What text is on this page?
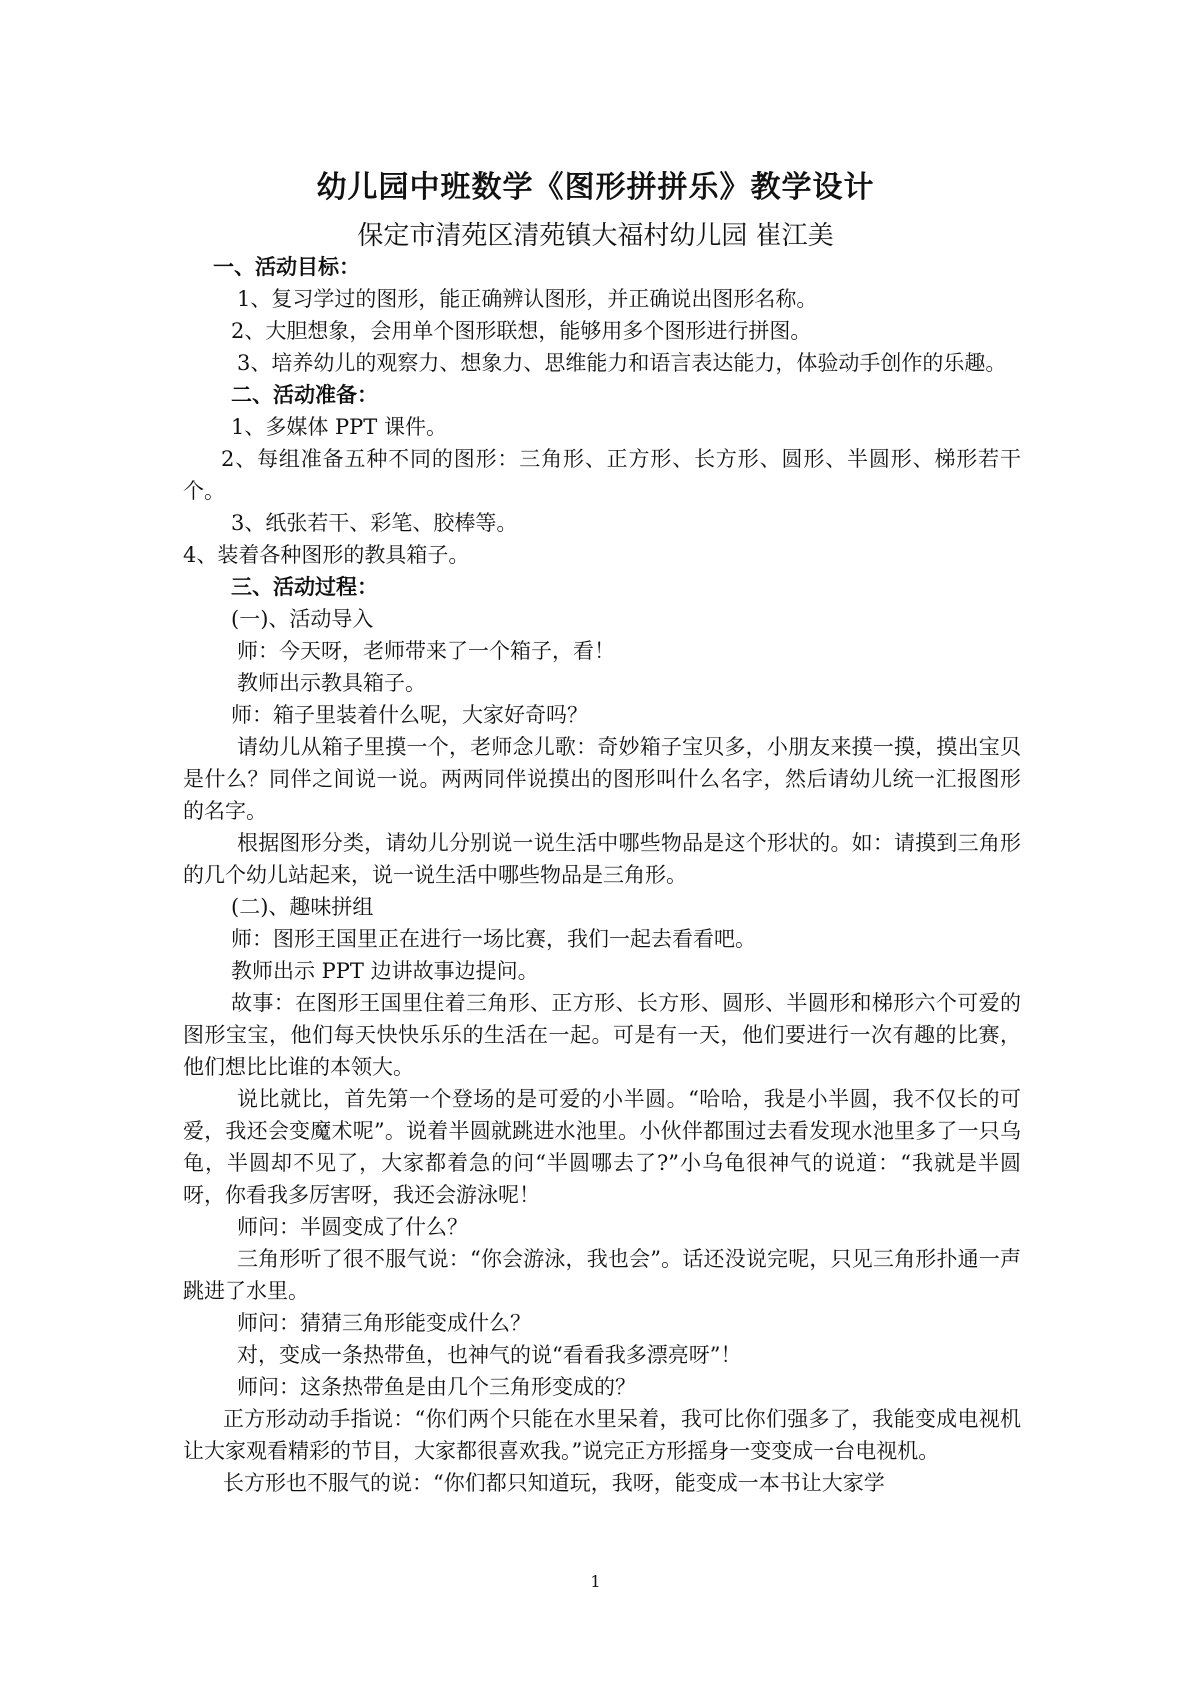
幼儿园中班数学《图形拼拼乐》教学设计
保定市清苑区清苑镇大福村幼儿园 崔江美

一、活动目标：

1、复习学过的图形，能正确辨认图形，并正确说出图形名称。

2、大胆想象，会用单个图形联想，能够用多个图形进行拼图。

3、培养幼儿的观察力、想象力、思维能力和语言表达能力，体验动手创作的乐趣。

二、活动准备：

1、多媒体 PPT 课件。

2、每组准备五种不同的图形：三角形、正方形、长方形、圆形、半圆形、梯形若干个。

3、纸张若干、彩笔、胶棒等。

4、装着各种图形的教具箱子。

三、活动过程：

(一)、活动导入

师：今天呀，老师带来了一个箱子，看！

教师出示教具箱子。

师：箱子里装着什么呢，大家好奇吗？

请幼儿从箱子里摸一个，老师念儿歌：奇妙箱子宝贝多，小朋友来摸一摸，摸出宝贝是什么？同伴之间说一说。两两同伴说摸出的图形叫什么名字，然后请幼儿统一汇报图形的名字。

根据图形分类，请幼儿分别说一说生活中哪些物品是这个形状的。如：请摸到三角形的几个幼儿站起来，说一说生活中哪些物品是三角形。

(二)、趣味拼组

师：图形王国里正在进行一场比赛，我们一起去看看吧。

教师出示 PPT 边讲故事边提问。

故事：在图形王国里住着三角形、正方形、长方形、圆形、半圆形和梯形六个可爱的图形宝宝，他们每天快快乐乐的生活在一起。可是有一天，他们要进行一次有趣的比赛，他们想比比谁的本领大。

说比就比，首先第一个登场的是可爱的小半圆。“哈哈，我是小半圆，我不仅长的可爱，我还会变魔术呢”。说着半圆就跳进水池里。小伙伴都围过去看发现水池里多了一只乌龟，半圆却不见了，大家都着急的问“半圆哪去了?”小乌龟很神气的说道：“我就是半圆呀，你看我多厉害呀，我还会游泳呢！

师问：半圆变成了什么？

三角形听了很不服气说：“你会游泳，我也会”。话还没说完呢，只见三角形扑通一声跳进了水里。

师问：猜猜三角形能变成什么？

对，变成一条热带鱼，也神气的说“看看我多漂亮呀”！

师问：这条热带鱼是由几个三角形变成的？

正方形动动手指说：“你们两个只能在水里呆着，我可比你们强多了，我能变成电视机让大家观看精彩的节目，大家都很喜欢我。”说完正方形摇身一变变成一台电视机。

长方形也不服气的说：“你们都只知道玩，我呀，能变成一本书让大家学

1
